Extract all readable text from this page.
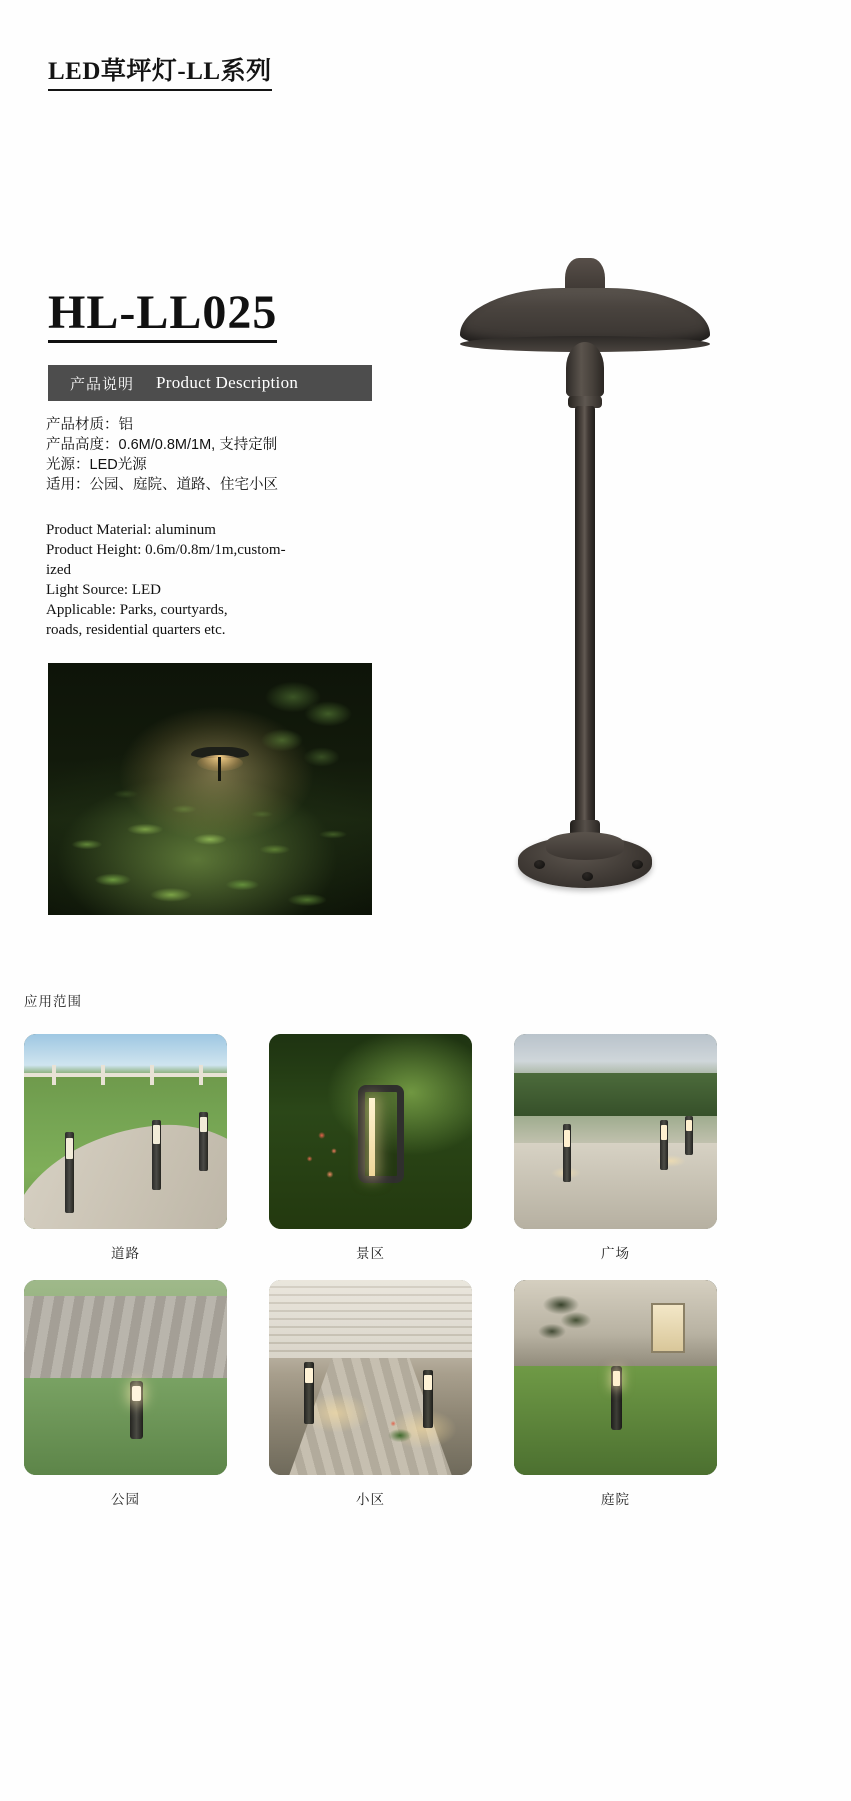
LED草坪灯-LL系列
HL-LL025
产品说明 Product Description
产品材质：铝
产品高度：0.6M/0.8M/1M, 支持定制
光源：LED光源
适用：公园、庭院、道路、住宅小区
Product Material: aluminum
Product Height: 0.6m/0.8m/1m,custom-
ized
Light Source: LED
Applicable: Parks, courtyards,
roads, residential quarters etc.
应用范围
道路	景区	广场
公园	小区	庭院
